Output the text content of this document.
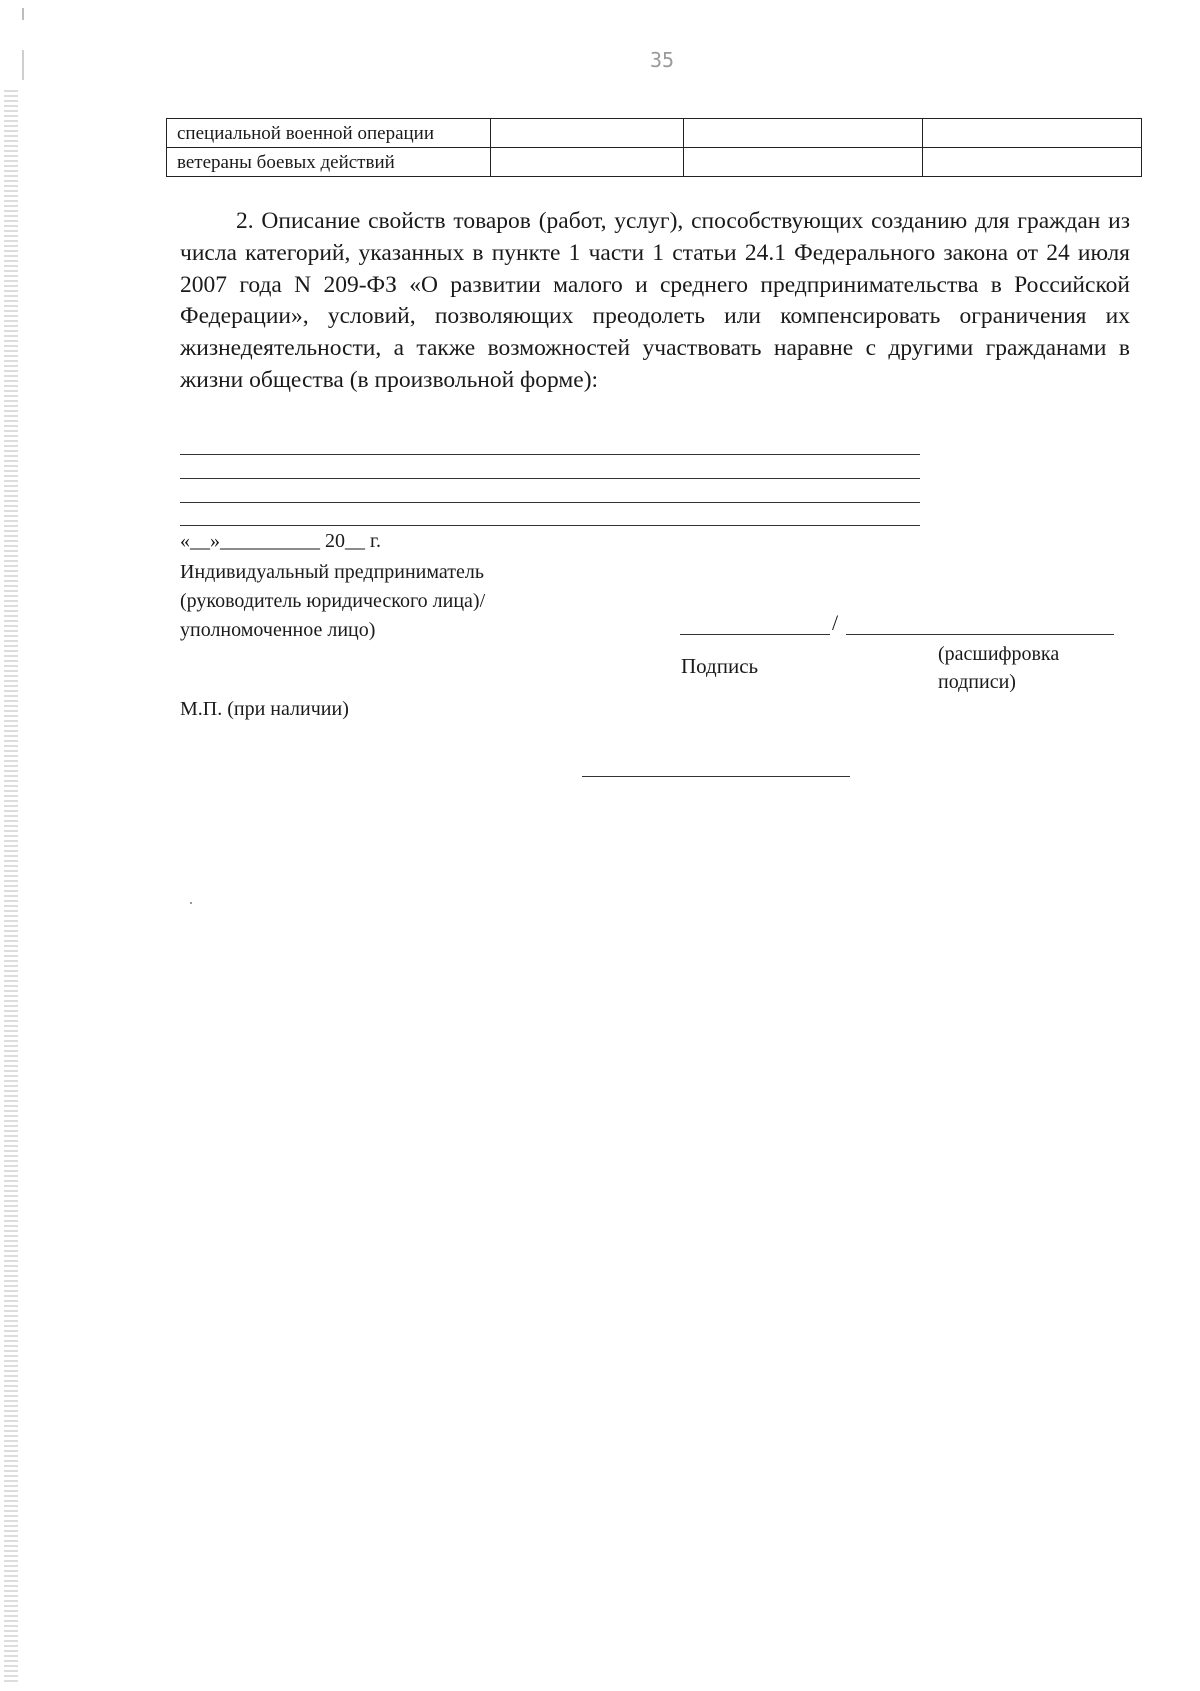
35
специальной военной операции			
ветераны боевых действий			
2. Описание свойств товаров (работ, услуг), способствующих созданию для граждан из числа категорий, указанных в пункте 1 части 1 статьи 24.1 Федерального закона от 24 июля 2007 года N 209-ФЗ «О развитии малого и среднего предпринимательства в Российской Федерации», условий, позволяющих преодолеть или компенсировать ограничения их жизнедеятельности, а также возможностей участвовать наравне с другими гражданами в жизни общества (в произвольной форме):
«__»__________ 20__ г.
Индивидуальный предприниматель
(руководитель юридического лица)/
уполномоченное лицо)	/
Подпись	(расшифровка подписи)
М.П. (при наличии)
